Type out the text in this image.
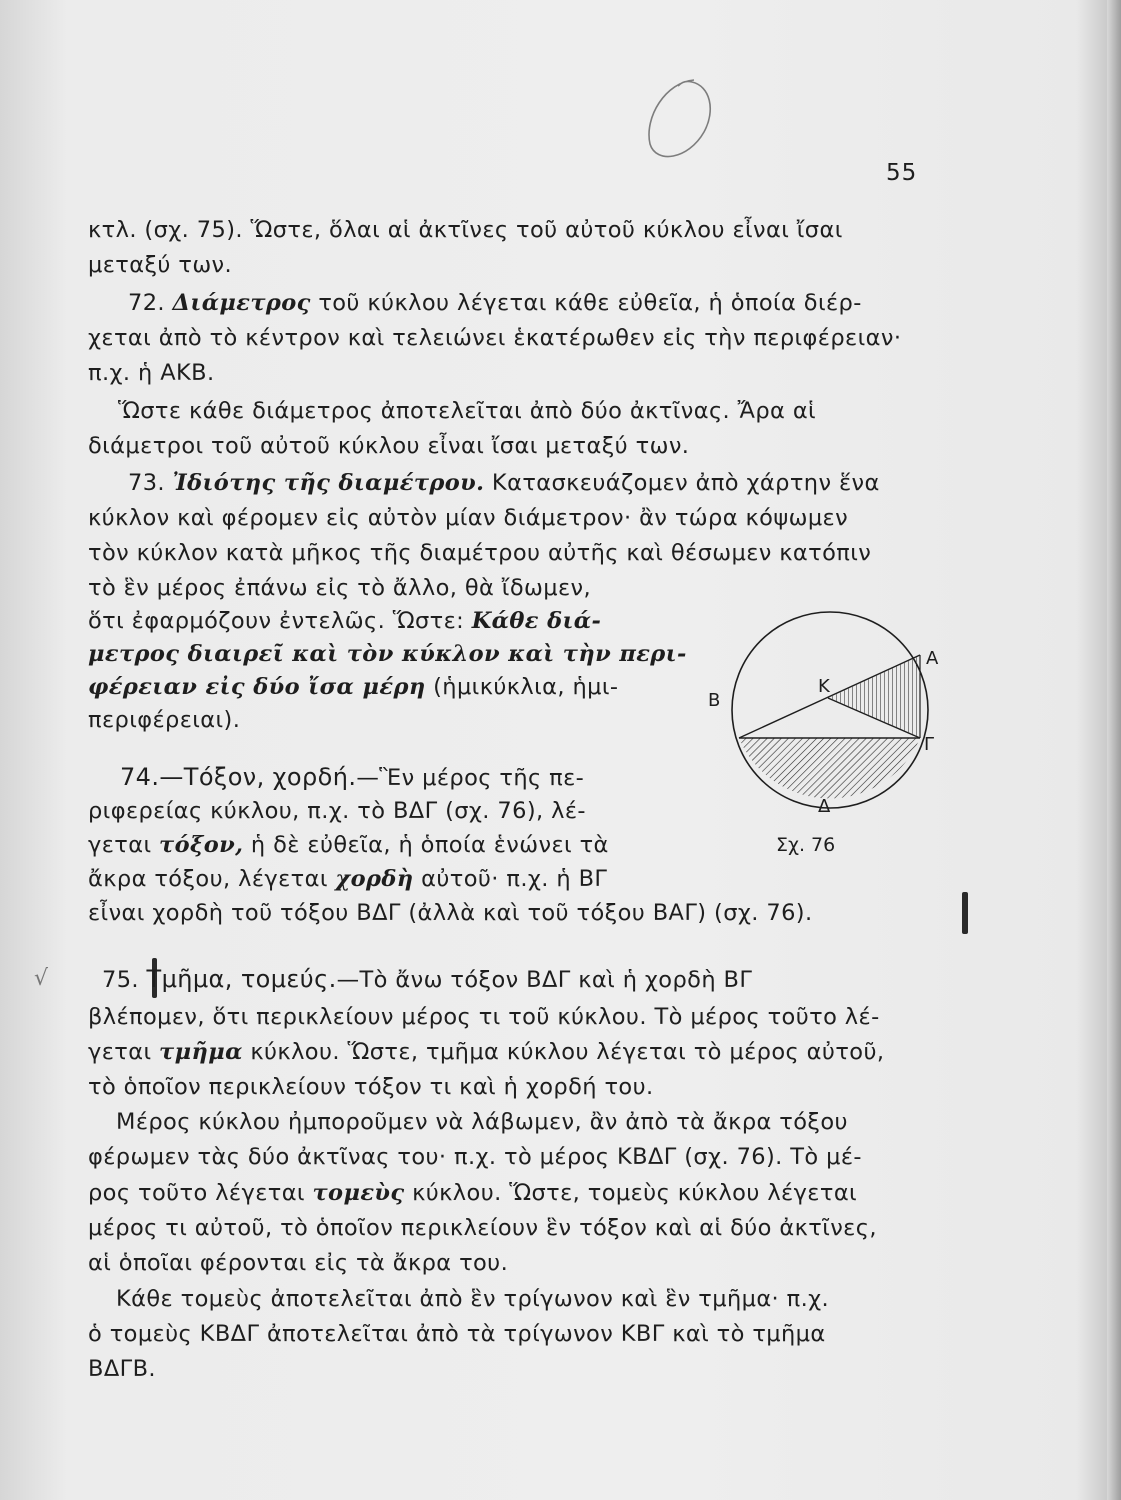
55
κτλ. (σχ. 75). Ὥστε, ὅλαι αἱ ἀκτῖνες τοῦ αὐτοῦ κύκλου εἶναι ἴσαι
μεταξύ των.
72. Διάμετρος τοῦ κύκλου λέγεται κάθε εὐθεῖα, ἡ ὁποία διέρ-
χεται ἀπὸ τὸ κέντρον καὶ τελειώνει ἑκατέρωθεν εἰς τὴν περιφέρειαν·
π.χ. ἡ ΑΚΒ.
Ὥστε κάθε διάμετρος ἀποτελεῖται ἀπὸ δύο ἀκτῖνας. Ἄρα αἱ
διάμετροι τοῦ αὐτοῦ κύκλου εἶναι ἴσαι μεταξύ των.
73. Ἰδιότης τῆς διαμέτρου. Κατασκευάζομεν ἀπὸ χάρτην ἕνα
κύκλον καὶ φέρομεν εἰς αὐτὸν μίαν διάμετρον· ἂν τώρα κόψωμεν
τὸν κύκλον κατὰ μῆκος τῆς διαμέτρου αὐτῆς καὶ θέσωμεν κατόπιν
τὸ ἓν μέρος ἐπάνω εἰς τὸ ἄλλο, θὰ ἴδωμεν,
ὅτι ἐφαρμόζουν ἐντελῶς. Ὥστε: Κάθε διά-
μετρος διαιρεῖ καὶ τὸν κύκλον καὶ τὴν περι-
φέρειαν εἰς δύο ἴσα μέρη (ἡμικύκλια, ἡμι-
περιφέρειαι).
74.—Τόξον, χορδή.—Ἓν μέρος τῆς πε-
ριφερείας κύκλου, π.χ. τὸ ΒΔΓ (σχ. 76), λέ-
γεται τόξον, ἡ δὲ εὐθεῖα, ἡ ὁποία ἑνώνει τὰ
ἄκρα τόξου, λέγεται χορδὴ αὐτοῦ· π.χ. ἡ ΒΓ
εἶναι χορδὴ τοῦ τόξου ΒΔΓ (ἀλλὰ καὶ τοῦ τόξου ΒΑΓ) (σχ. 76).
√	75. Τμῆμα, τομεύς.—Τὸ ἄνω τόξον ΒΔΓ καὶ ἡ χορδὴ ΒΓ
βλέπομεν, ὅτι περικλείουν μέρος τι τοῦ κύκλου. Τὸ μέρος τοῦτο λέ-
γεται τμῆμα κύκλου. Ὥστε, τμῆμα κύκλου λέγεται τὸ μέρος αὐτοῦ,
τὸ ὁποῖον περικλείουν τόξον τι καὶ ἡ χορδή του.
Μέρος κύκλου ἠμποροῦμεν νὰ λάβωμεν, ἂν ἀπὸ τὰ ἄκρα τόξου
φέρωμεν τὰς δύο ἀκτῖνας του· π.χ. τὸ μέρος ΚΒΔΓ (σχ. 76). Τὸ μέ-
ρος τοῦτο λέγεται τομεὺς κύκλου. Ὥστε, τομεὺς κύκλου λέγεται
μέρος τι αὐτοῦ, τὸ ὁποῖον περικλείουν ἓν τόξον καὶ αἱ δύο ἀκτῖνες,
αἱ ὁποῖαι φέρονται εἰς τὰ ἄκρα του.
Κάθε τομεὺς ἀποτελεῖται ἀπὸ ἓν τρίγωνον καὶ ἓν τμῆμα· π.χ.
ὁ τομεὺς ΚΒΔΓ ἀποτελεῖται ἀπὸ τὰ τρίγωνον ΚΒΓ καὶ τὸ τμῆμα
ΒΔΓΒ.
Α
Β
Κ
Γ
Δ
Σχ. 76
